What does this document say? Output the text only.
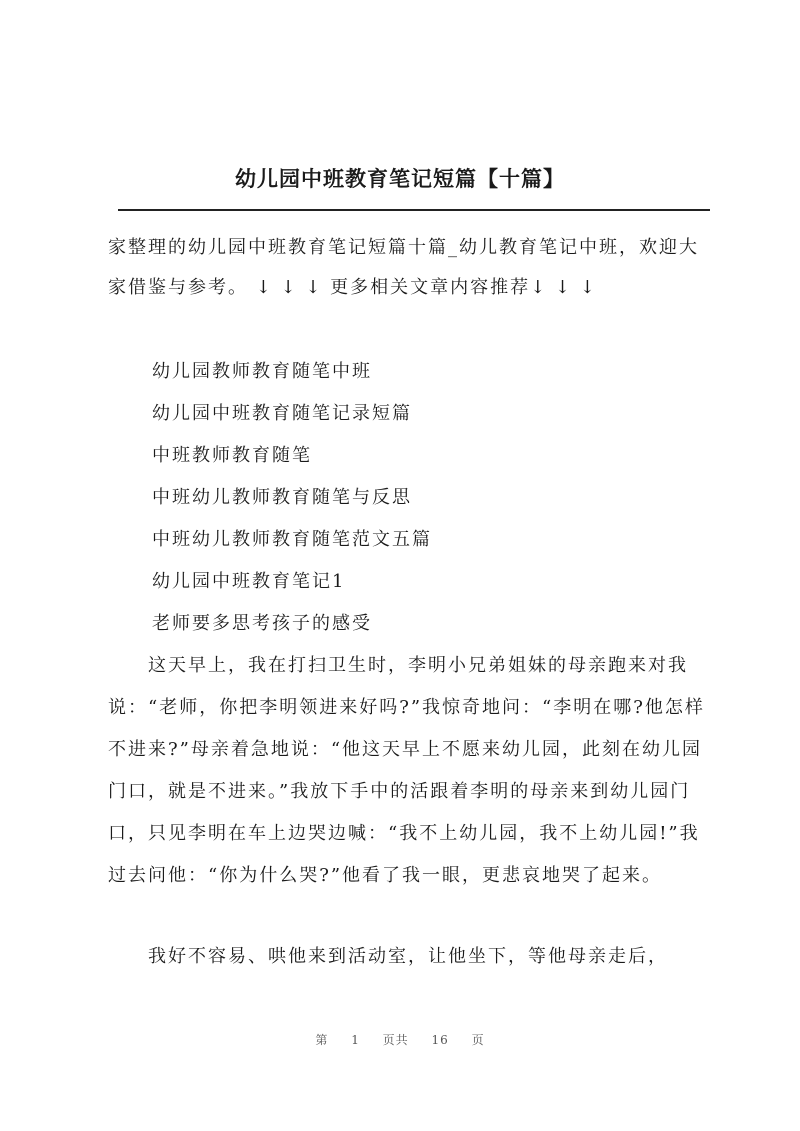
幼儿园中班教育笔记短篇【十篇】
家整理的幼儿园中班教育笔记短篇十篇_幼儿教育笔记中班，欢迎大家借鉴与参考。 ↓ ↓ ↓ 更多相关文章内容推荐↓ ↓ ↓
幼儿园教师教育随笔中班
幼儿园中班教育随笔记录短篇
中班教师教育随笔
中班幼儿教师教育随笔与反思
中班幼儿教师教育随笔范文五篇
幼儿园中班教育笔记1
老师要多思考孩子的感受
这天早上，我在打扫卫生时，李明小兄弟姐妹的母亲跑来对我说：“老师，你把李明领进来好吗?”我惊奇地问：“李明在哪?他怎样不进来?”母亲着急地说：“他这天早上不愿来幼儿园，此刻在幼儿园门口，就是不进来。”我放下手中的活跟着李明的母亲来到幼儿园门口，只见李明在车上边哭边喊：“我不上幼儿园，我不上幼儿园!”我过去问他：“你为什么哭?”他看了我一眼，更悲哀地哭了起来。
我好不容易、哄他来到活动室，让他坐下，等他母亲走后，
第 1 页共 16 页
